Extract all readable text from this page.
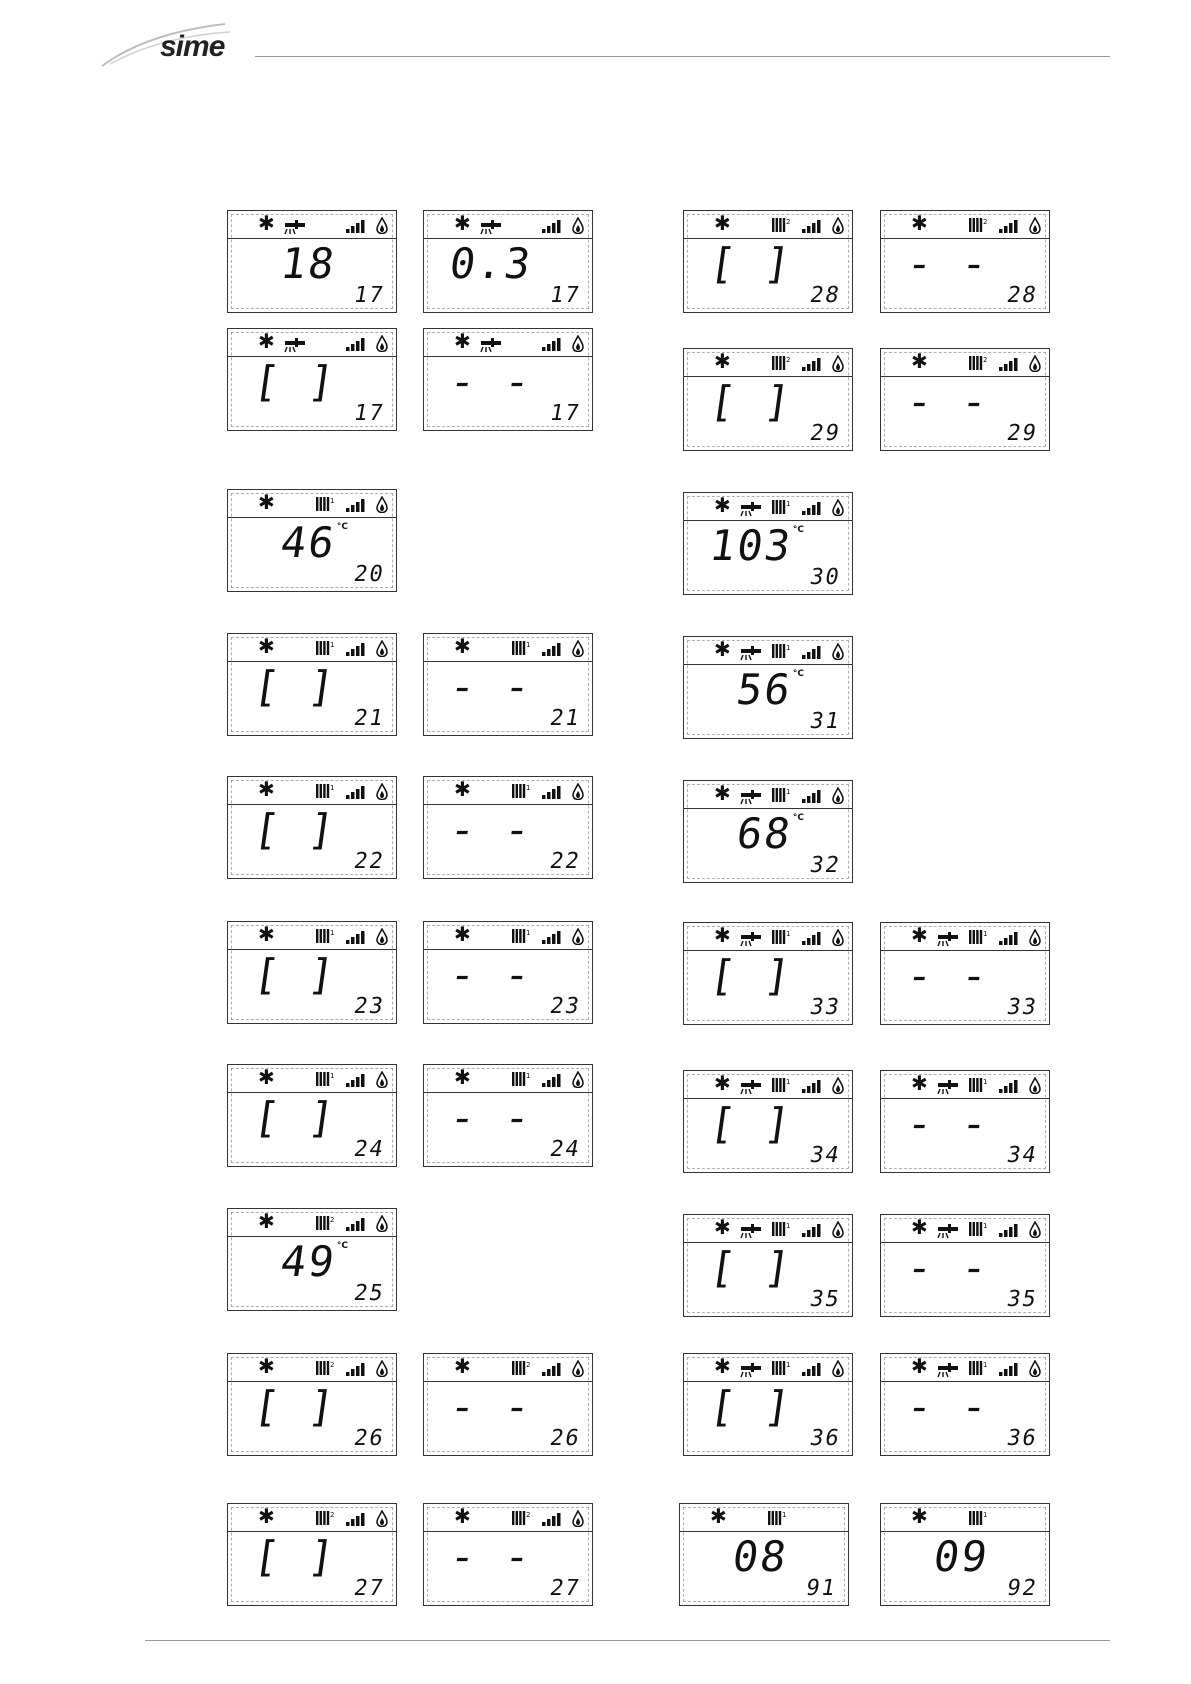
sime
✱
18
17
✱
0.3
17
✱
[ ]
17
✱
- -
17
✱	1
46
°C
20
✱	1
[ ]
21
✱	1
- -
21
✱	1
[ ]
22
✱	1
- -
22
✱	1
[ ]
23
✱	1
- -
23
✱	1
[ ]
24
✱	1
- -
24
✱	2
49
°C
25
✱	2
[ ]
26
✱	2
- -
26
✱	2
[ ]
27
✱	2
- -
27
✱	2
[ ]
28
✱	2
- -
28
✱	2
[ ]
29
✱	2
- -
29
✱	1
103
°C
30
✱	1
56
°C
31
✱	1
68
°C
32
✱	1
[ ]
33
✱	1
- -
33
✱	1
[ ]
34
✱	1
- -
34
✱	1
[ ]
35
✱	1
- -
35
✱	1
[ ]
36
✱	1
- -
36
✱	1
08
91
✱	1
09
92
